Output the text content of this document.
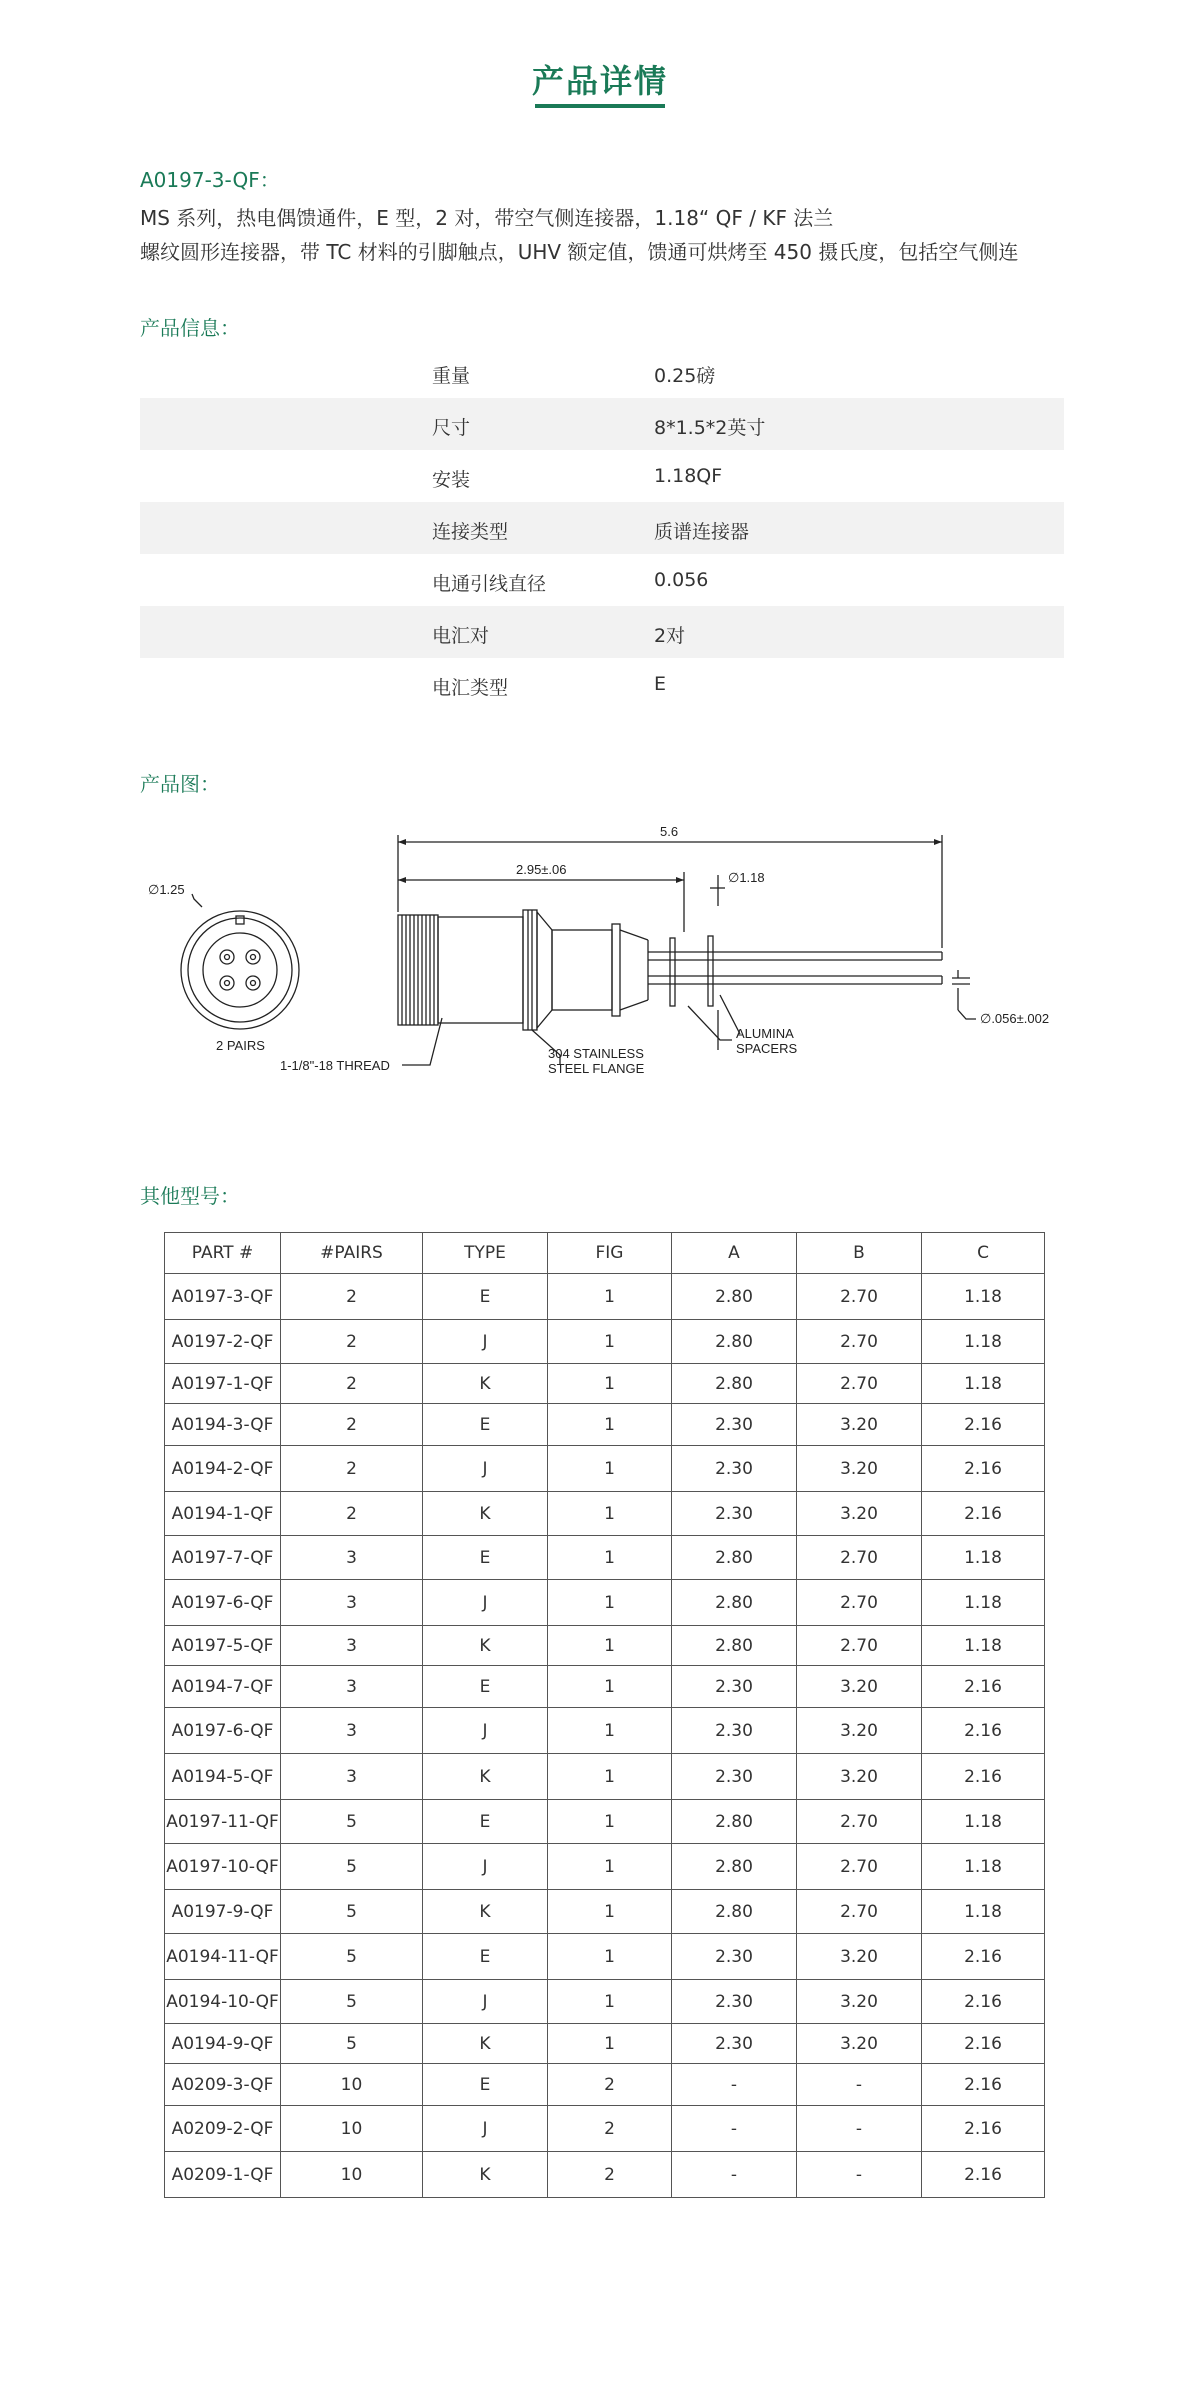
产品详情
A0197-3-QF：
MS 系列，热电偶馈通件，E 型，2 对，带空气侧连接器，1.18“ QF / KF 法兰
螺纹圆形连接器，带 TC 材料的引脚触点，UHV 额定值，馈通可烘烤至 450 摄氏度，包括空气侧连
产品信息：
重量	0.25磅
尺寸	8*1.5*2英寸
安装	1.18QF
连接类型	质谱连接器
电通引线直径	0.056
电汇对	2对
电汇类型	E
产品图：
∅1.25
2 PAIRS
1-1/8"-18 THREAD
304 STAINLESS
STEEL FLANGE
5.6
2.95±.06
∅1.18
ALUMINA
SPACERS
∅.056±.002
其他型号：
PART #	#PAIRS	TYPE	FIG	A	B	C
A0197-3-QF	2	E	1	2.80	2.70	1.18
A0197-2-QF	2	J	1	2.80	2.70	1.18
A0197-1-QF	2	K	1	2.80	2.70	1.18
A0194-3-QF	2	E	1	2.30	3.20	2.16
A0194-2-QF	2	J	1	2.30	3.20	2.16
A0194-1-QF	2	K	1	2.30	3.20	2.16
A0197-7-QF	3	E	1	2.80	2.70	1.18
A0197-6-QF	3	J	1	2.80	2.70	1.18
A0197-5-QF	3	K	1	2.80	2.70	1.18
A0194-7-QF	3	E	1	2.30	3.20	2.16
A0197-6-QF	3	J	1	2.30	3.20	2.16
A0194-5-QF	3	K	1	2.30	3.20	2.16
A0197-11-QF	5	E	1	2.80	2.70	1.18
A0197-10-QF	5	J	1	2.80	2.70	1.18
A0197-9-QF	5	K	1	2.80	2.70	1.18
A0194-11-QF	5	E	1	2.30	3.20	2.16
A0194-10-QF	5	J	1	2.30	3.20	2.16
A0194-9-QF	5	K	1	2.30	3.20	2.16
A0209-3-QF	10	E	2	-	-	2.16
A0209-2-QF	10	J	2	-	-	2.16
A0209-1-QF	10	K	2	-	-	2.16
